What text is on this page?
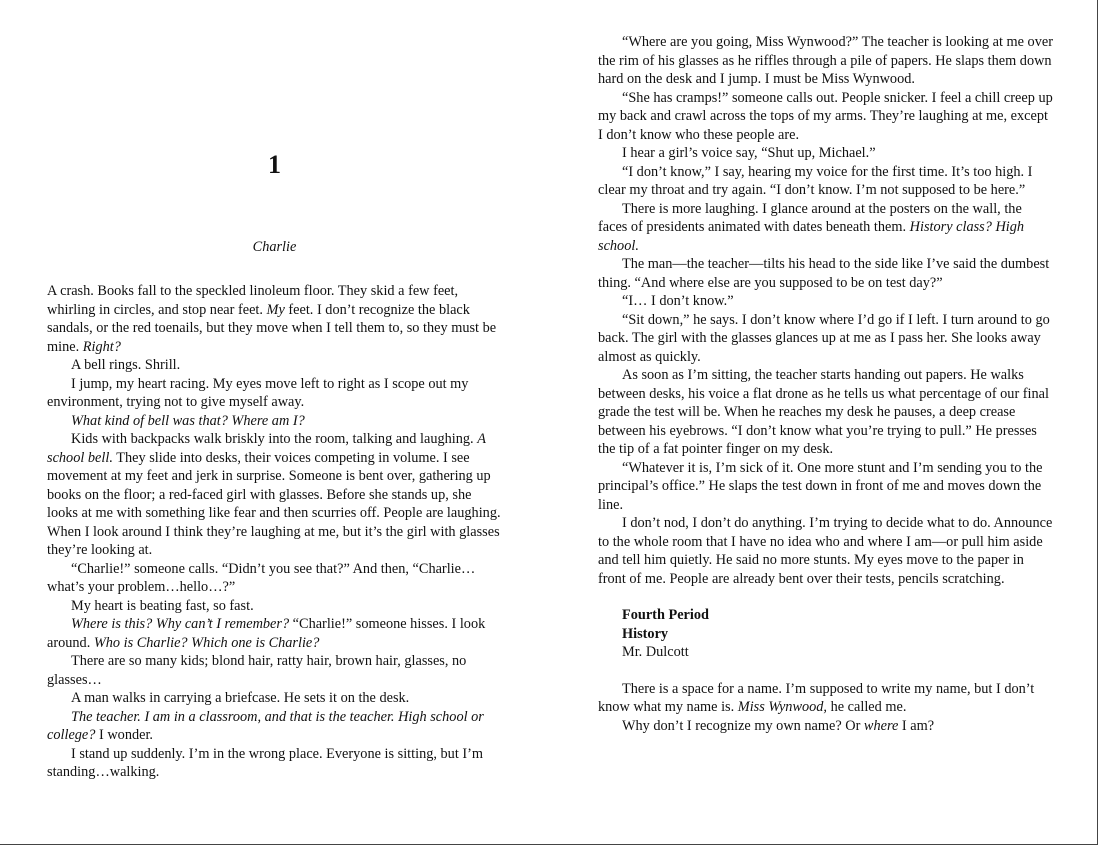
1
Charlie

A crash. Books fall to the speckled linoleum floor. They skid a few feet, whirling in circles, and stop near feet. My feet. I don’t recognize the black sandals, or the red toenails, but they move when I tell them to, so they must be mine. Right?

A bell rings. Shrill.

I jump, my heart racing. My eyes move left to right as I scope out my environment, trying not to give myself away.

What kind of bell was that? Where am I?

Kids with backpacks walk briskly into the room, talking and laughing. A school bell. They slide into desks, their voices competing in volume. I see movement at my feet and jerk in surprise. Someone is bent over, gathering up books on the floor; a red-faced girl with glasses. Before she stands up, she looks at me with something like fear and then scurries off. People are laughing. When I look around I think they’re laughing at me, but it’s the girl with glasses they’re looking at.

“Charlie!” someone calls. “Didn’t you see that?” And then, “Charlie…what’s your problem…hello…?”

My heart is beating fast, so fast.

Where is this? Why can’t I remember? “Charlie!” someone hisses. I look around. Who is Charlie? Which one is Charlie?

There are so many kids; blond hair, ratty hair, brown hair, glasses, no glasses…

A man walks in carrying a briefcase. He sets it on the desk.

The teacher. I am in a classroom, and that is the teacher. High school or college? I wonder.

I stand up suddenly. I’m in the wrong place. Everyone is sitting, but I’m standing…walking.

“Where are you going, Miss Wynwood?” The teacher is looking at me over the rim of his glasses as he riffles through a pile of papers. He slaps them down hard on the desk and I jump. I must be Miss Wynwood.

“She has cramps!” someone calls out. People snicker. I feel a chill creep up my back and crawl across the tops of my arms. They’re laughing at me, except I don’t know who these people are.

I hear a girl’s voice say, “Shut up, Michael.”

“I don’t know,” I say, hearing my voice for the first time. It’s too high. I clear my throat and try again. “I don’t know. I’m not supposed to be here.”

There is more laughing. I glance around at the posters on the wall, the faces of presidents animated with dates beneath them. History class? High school.

The man—the teacher—tilts his head to the side like I’ve said the dumbest thing. “And where else are you supposed to be on test day?”

“I… I don’t know.”

“Sit down,” he says. I don’t know where I’d go if I left. I turn around to go back. The girl with the glasses glances up at me as I pass her. She looks away almost as quickly.

As soon as I’m sitting, the teacher starts handing out papers. He walks between desks, his voice a flat drone as he tells us what percentage of our final grade the test will be. When he reaches my desk he pauses, a deep crease between his eyebrows. “I don’t know what you’re trying to pull.” He presses the tip of a fat pointer finger on my desk.

“Whatever it is, I’m sick of it. One more stunt and I’m sending you to the principal’s office.” He slaps the test down in front of me and moves down the line.

I don’t nod, I don’t do anything. I’m trying to decide what to do. Announce to the whole room that I have no idea who and where I am—or pull him aside and tell him quietly. He said no more stunts. My eyes move to the paper in front of me. People are already bent over their tests, pencils scratching.

Fourth Period
History
Mr. Dulcott

There is a space for a name. I’m supposed to write my name, but I don’t know what my name is. Miss Wynwood, he called me.

Why don’t I recognize my own name? Or where I am?
